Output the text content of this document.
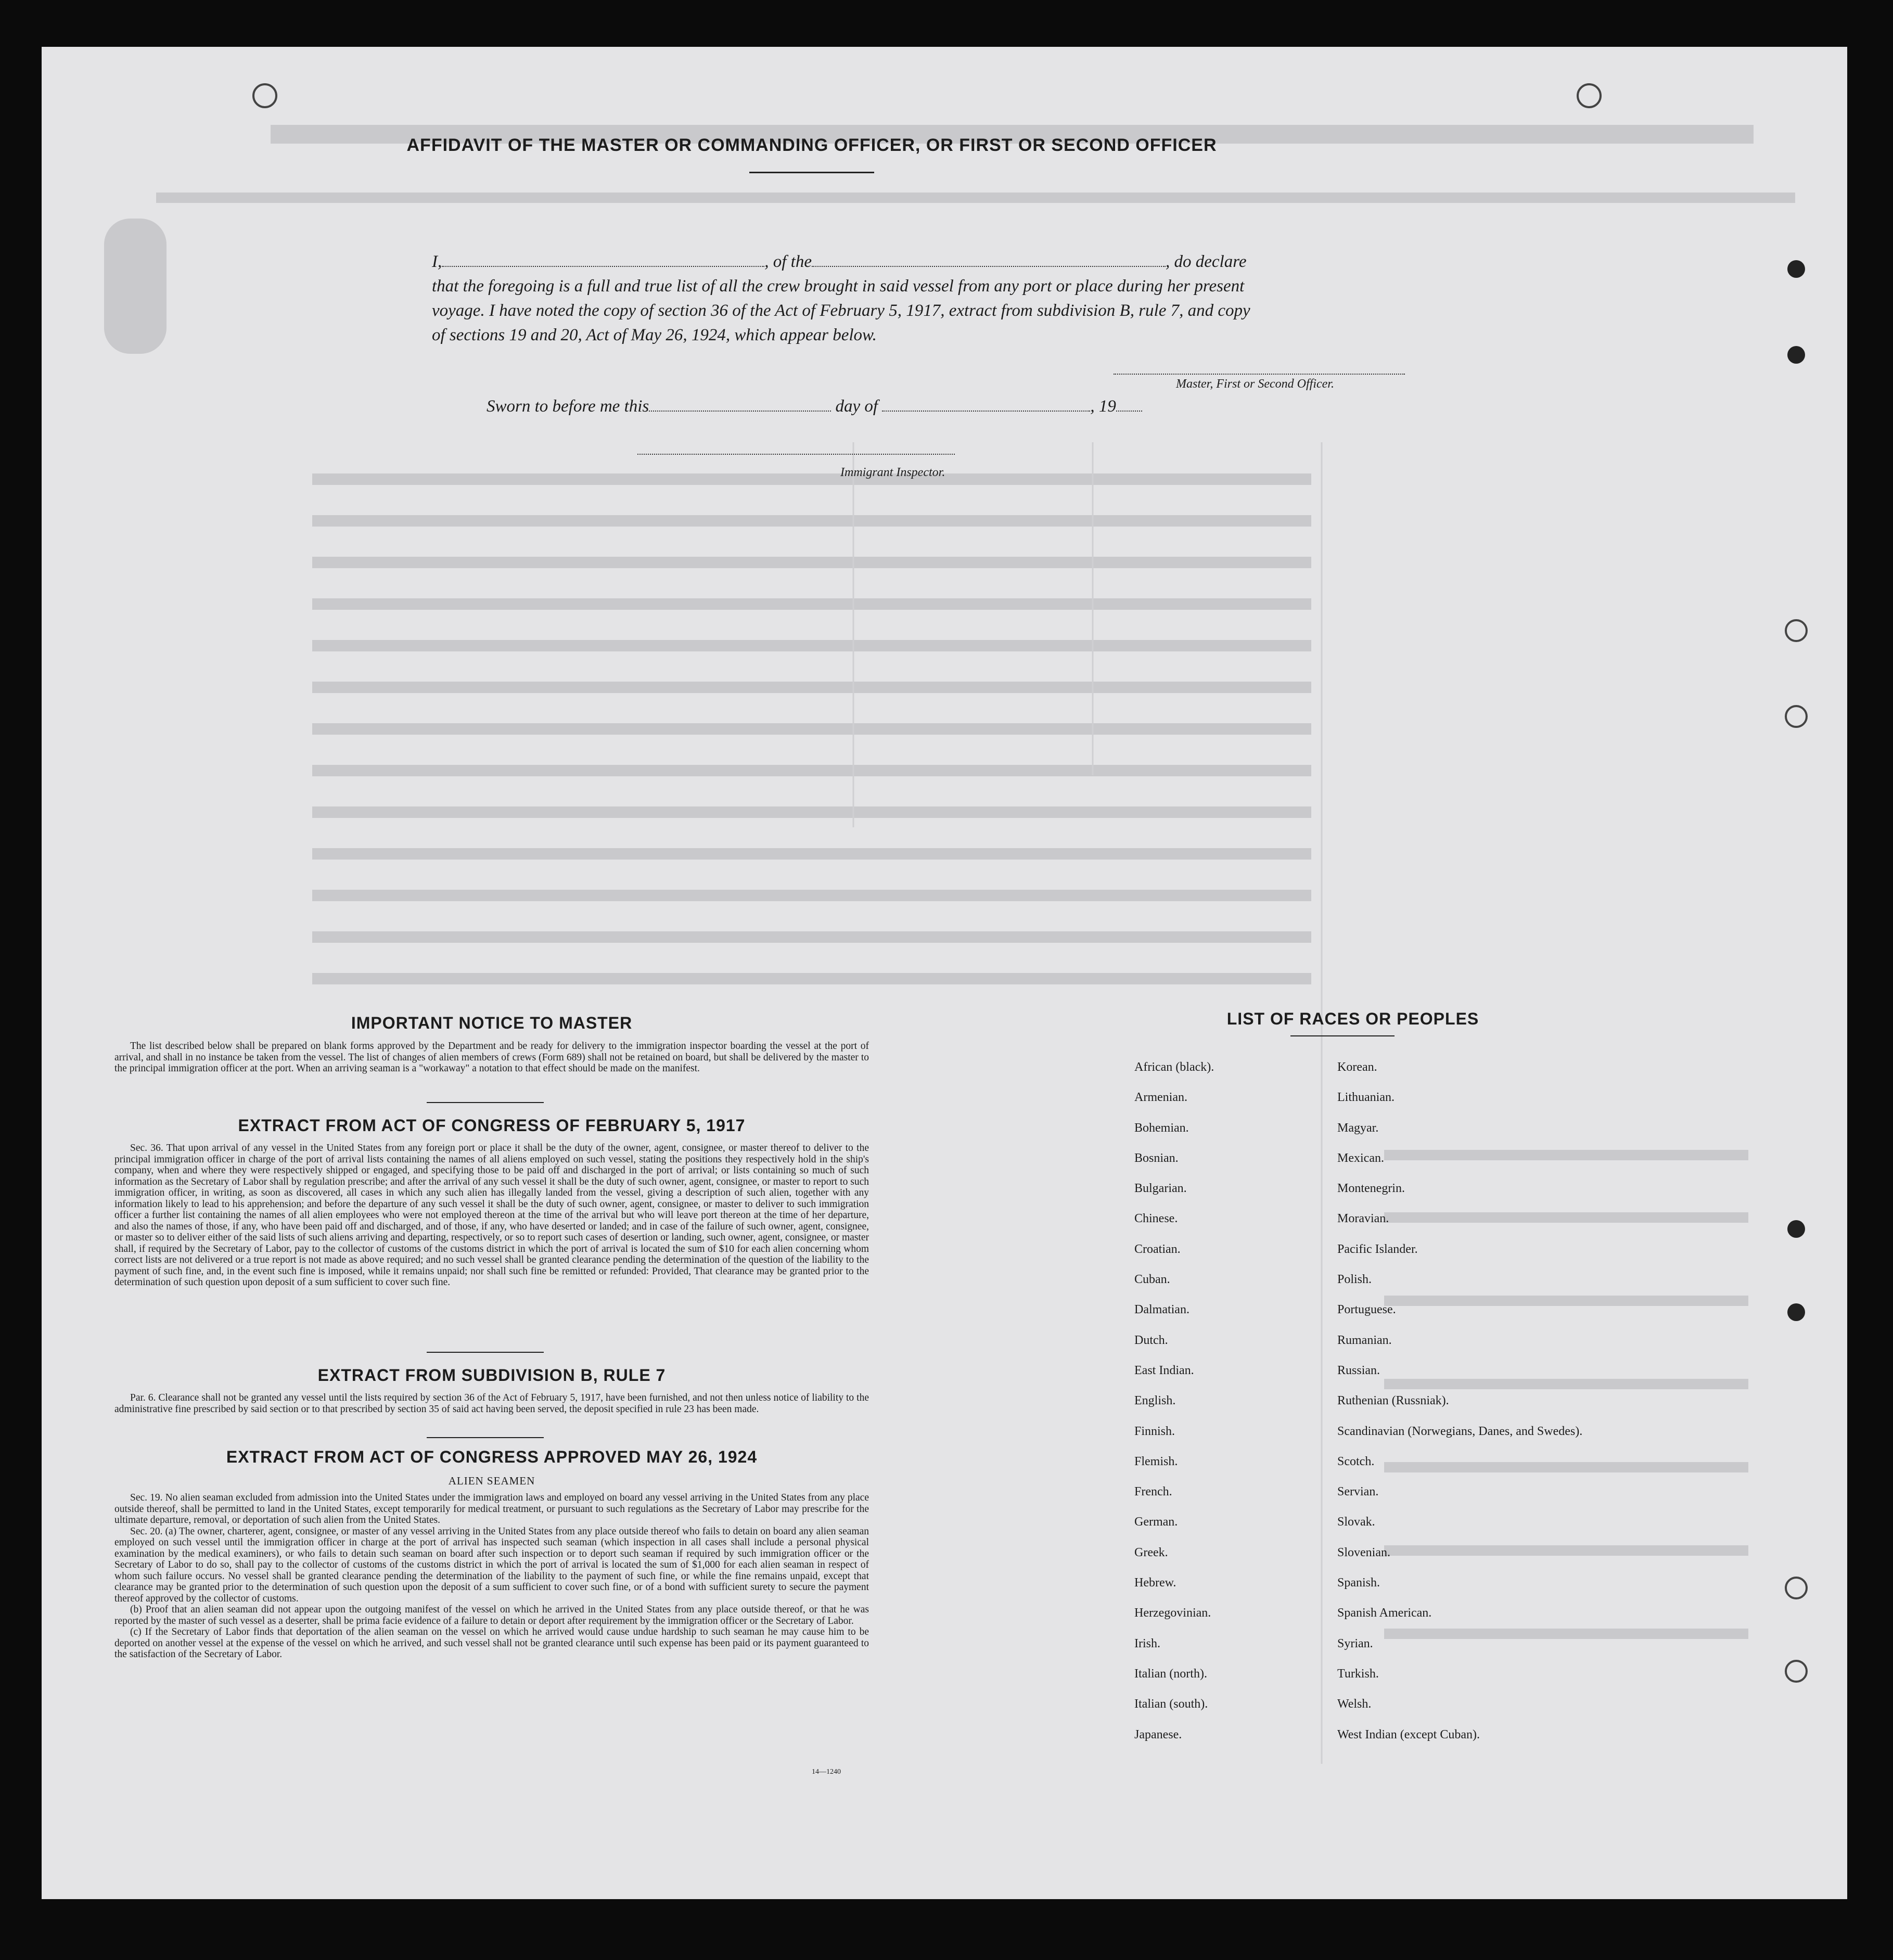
AFFIDAVIT OF THE MASTER OR COMMANDING OFFICER, OR FIRST OR SECOND OFFICER
I,	, of the	, do declare
that the foregoing is a full and true list of all the crew brought in said vessel from any port or place during her present
voyage. I have noted the copy of section 36 of the Act of February 5, 1917, extract from subdivision B, rule 7, and copy
of sections 19 and 20, Act of May 26, 1924, which appear below.
Master, First or Second Officer.
Sworn to before me this	day of	, 19
Immigrant Inspector.
IMPORTANT NOTICE TO MASTER

The list described below shall be prepared on blank forms approved by the Department and be ready for delivery to the immigration inspector boarding the vessel at the port of arrival, and shall in no instance be taken from the vessel. The list of changes of alien members of crews (Form 689) shall not be retained on board, but shall be delivered by the master to the principal immigration officer at the port. When an arriving seaman is a "workaway" a notation to that effect should be made on the manifest.

EXTRACT FROM ACT OF CONGRESS OF FEBRUARY 5, 1917

Sec. 36. That upon arrival of any vessel in the United States from any foreign port or place it shall be the duty of the owner, agent, consignee, or master thereof to deliver to the principal immigration officer in charge of the port of arrival lists containing the names of all aliens employed on such vessel, stating the positions they respectively hold in the ship's company, when and where they were respectively shipped or engaged, and specifying those to be paid off and discharged in the port of arrival; or lists containing so much of such information as the Secretary of Labor shall by regulation prescribe; and after the arrival of any such vessel it shall be the duty of such owner, agent, consignee, or master to report to such immigration officer, in writing, as soon as discovered, all cases in which any such alien has illegally landed from the vessel, giving a description of such alien, together with any information likely to lead to his apprehension; and before the departure of any such vessel it shall be the duty of such owner, agent, consignee, or master to deliver to such immigration officer a further list containing the names of all alien employees who were not employed thereon at the time of the arrival but who will leave port thereon at the time of her departure, and also the names of those, if any, who have been paid off and discharged, and of those, if any, who have deserted or landed; and in case of the failure of such owner, agent, consignee, or master so to deliver either of the said lists of such aliens arriving and departing, respectively, or so to report such cases of desertion or landing, such owner, agent, consignee, or master shall, if required by the Secretary of Labor, pay to the collector of customs of the customs district in which the port of arrival is located the sum of $10 for each alien concerning whom correct lists are not delivered or a true report is not made as above required; and no such vessel shall be granted clearance pending the determination of the question of the liability to the payment of such fine, and, in the event such fine is imposed, while it remains unpaid; nor shall such fine be remitted or refunded: Provided, That clearance may be granted prior to the determination of such question upon deposit of a sum sufficient to cover such fine.

EXTRACT FROM SUBDIVISION B, RULE 7

Par. 6. Clearance shall not be granted any vessel until the lists required by section 36 of the Act of February 5, 1917, have been furnished, and not then unless notice of liability to the administrative fine prescribed by said section or to that prescribed by section 35 of said act having been served, the deposit specified in rule 23 has been made.

EXTRACT FROM ACT OF CONGRESS APPROVED MAY 26, 1924
ALIEN SEAMEN

Sec. 19. No alien seaman excluded from admission into the United States under the immigration laws and employed on board any vessel arriving in the United States from any place outside thereof, shall be permitted to land in the United States, except temporarily for medical treatment, or pursuant to such regulations as the Secretary of Labor may prescribe for the ultimate departure, removal, or deportation of such alien from the United States.

Sec. 20. (a) The owner, charterer, agent, consignee, or master of any vessel arriving in the United States from any place outside thereof who fails to detain on board any alien seaman employed on such vessel until the immigration officer in charge at the port of arrival has inspected such seaman (which inspection in all cases shall include a personal physical examination by the medical examiners), or who fails to detain such seaman on board after such inspection or to deport such seaman if required by such immigration officer or the Secretary of Labor to do so, shall pay to the collector of customs of the customs district in which the port of arrival is located the sum of $1,000 for each alien seaman in respect of whom such failure occurs. No vessel shall be granted clearance pending the determination of the liability to the payment of such fine, or while the fine remains unpaid, except that clearance may be granted prior to the determination of such question upon the deposit of a sum sufficient to cover such fine, or of a bond with sufficient surety to secure the payment thereof approved by the collector of customs.

(b) Proof that an alien seaman did not appear upon the outgoing manifest of the vessel on which he arrived in the United States from any place outside thereof, or that he was reported by the master of such vessel as a deserter, shall be prima facie evidence of a failure to detain or deport after requirement by the immigration officer or the Secretary of Labor.

(c) If the Secretary of Labor finds that deportation of the alien seaman on the vessel on which he arrived would cause undue hardship to such seaman he may cause him to be deported on another vessel at the expense of the vessel on which he arrived, and such vessel shall not be granted clearance until such expense has been paid or its payment guaranteed to the satisfaction of the Secretary of Labor.

14—1240
LIST OF RACES OR PEOPLES
African (black).
Armenian.
Bohemian.
Bosnian.
Bulgarian.
Chinese.
Croatian.
Cuban.
Dalmatian.
Dutch.
East Indian.
English.
Finnish.
Flemish.
French.
German.
Greek.
Hebrew.
Herzegovinian.
Irish.
Italian (north).
Italian (south).
Japanese.
Korean.
Lithuanian.
Magyar.
Mexican.
Montenegrin.
Moravian.
Pacific Islander.
Polish.
Portuguese.
Rumanian.
Russian.
Ruthenian (Russniak).
Scandinavian (Norwegians, Danes, and Swedes).
Scotch.
Servian.
Slovak.
Slovenian.
Spanish.
Spanish American.
Syrian.
Turkish.
Welsh.
West Indian (except Cuban).
